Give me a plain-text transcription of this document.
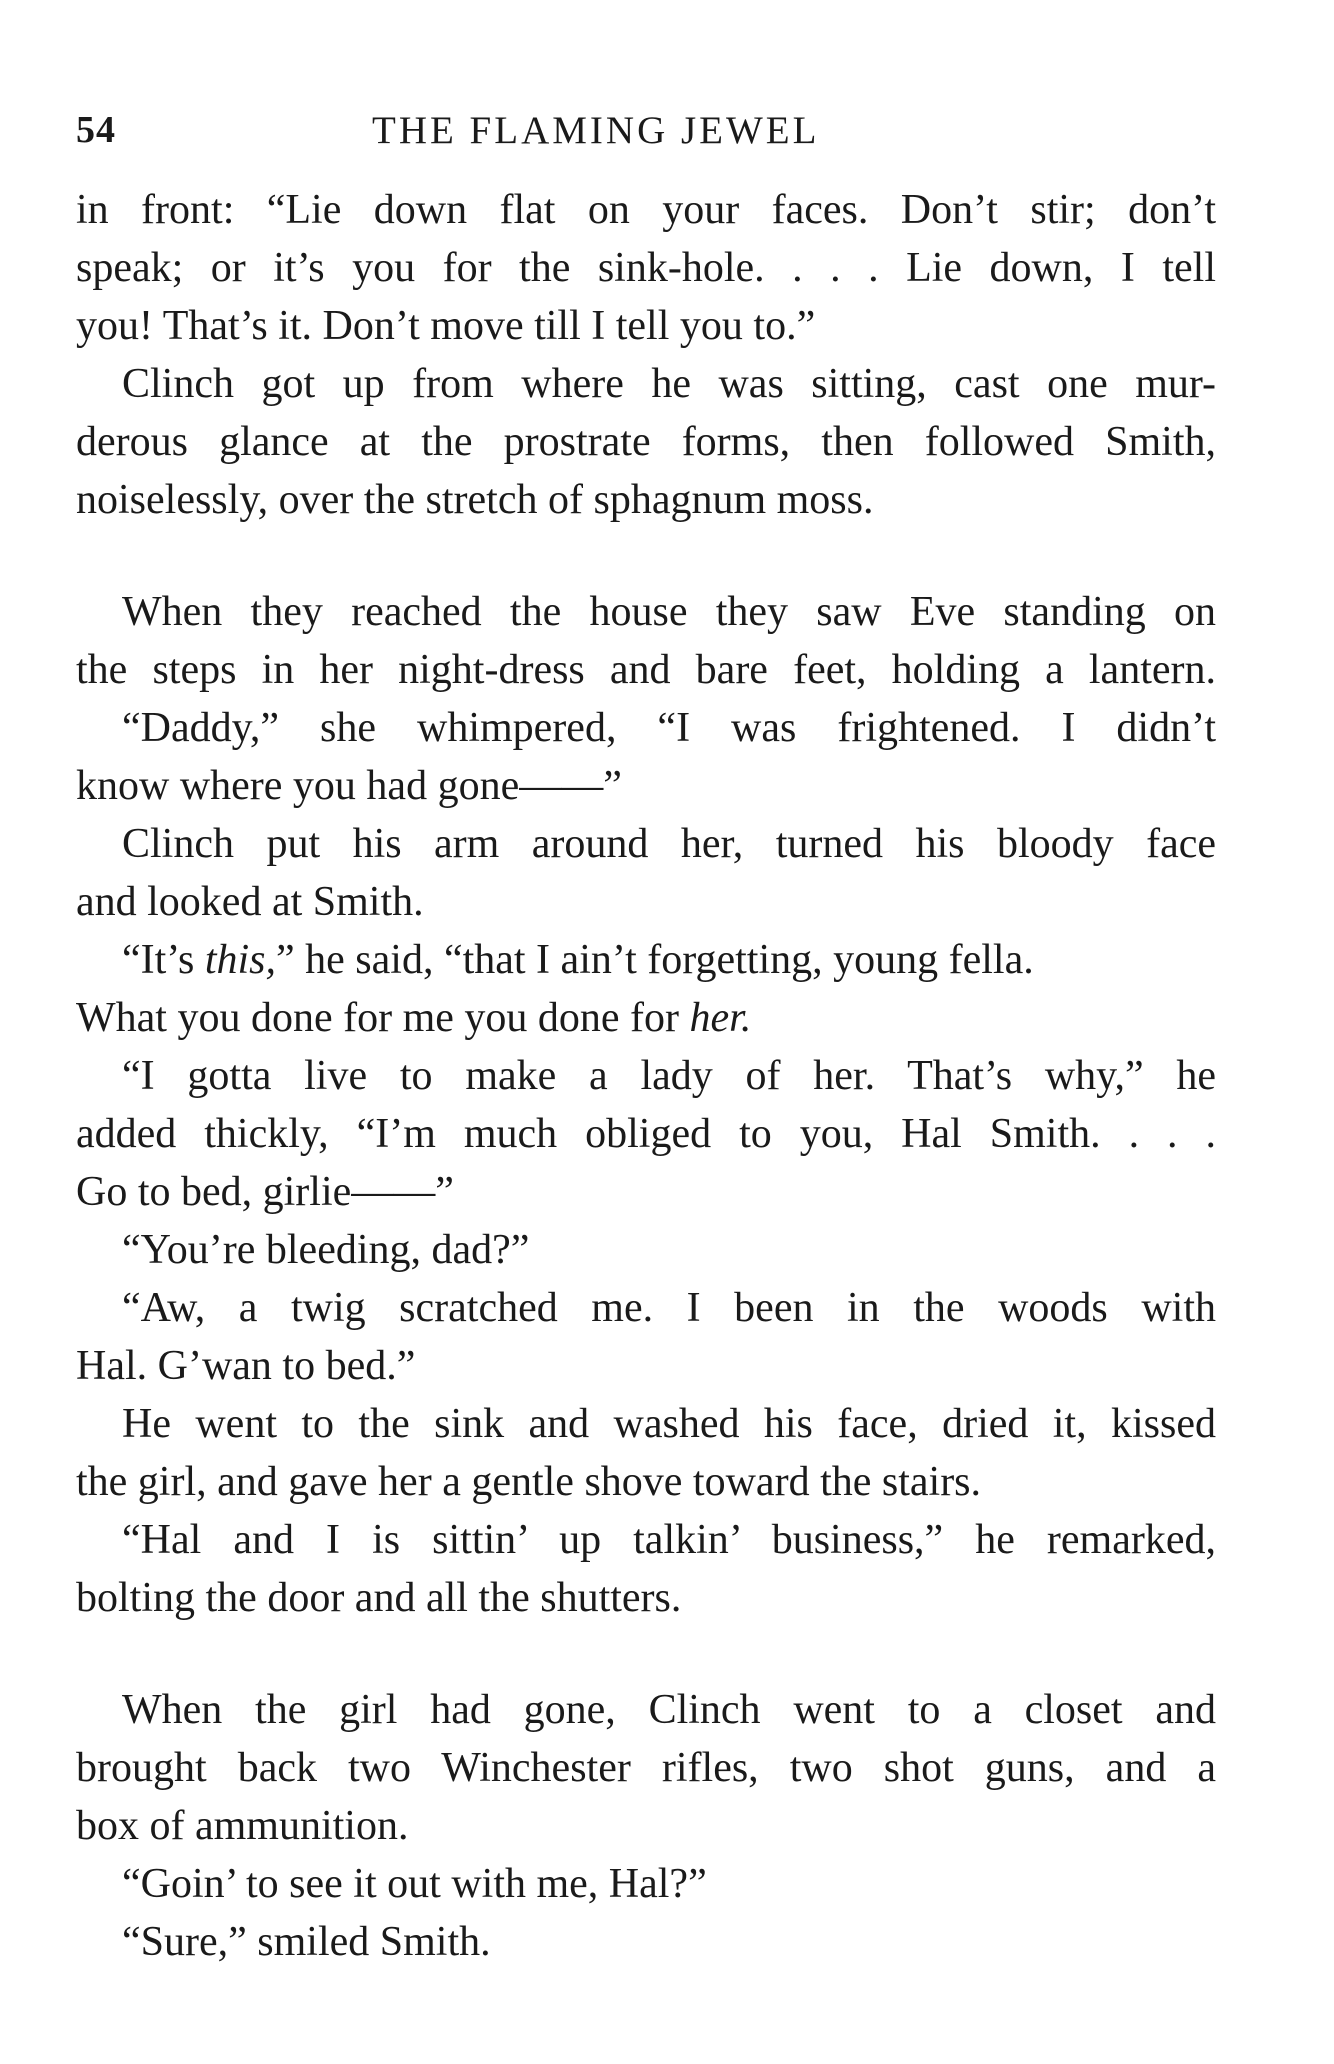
54	THE FLAMING JEWEL
in front: “Lie down flat on your faces. Don’t stir; don’t
speak; or it’s you for the sink-hole. . . . Lie down, I tell
you! That’s it. Don’t move till I tell you to.”
Clinch got up from where he was sitting, cast one mur-
derous glance at the prostrate forms, then followed Smith,
noiselessly, over the stretch of sphagnum moss.
When they reached the house they saw Eve standing on
the steps in her night-dress and bare feet, holding a lantern.
“Daddy,” she whimpered, “I was frightened. I didn’t
know where you had gone——”
Clinch put his arm around her, turned his bloody face
and looked at Smith.
“It’s this,” he said, “that I ain’t forgetting, young fella.
What you done for me you done for her.
“I gotta live to make a lady of her. That’s why,” he
added thickly, “I’m much obliged to you, Hal Smith. . . .
Go to bed, girlie——”
“You’re bleeding, dad?”
“Aw, a twig scratched me. I been in the woods with
Hal. G’wan to bed.”
He went to the sink and washed his face, dried it, kissed
the girl, and gave her a gentle shove toward the stairs.
“Hal and I is sittin’ up talkin’ business,” he remarked,
bolting the door and all the shutters.
When the girl had gone, Clinch went to a closet and
brought back two Winchester rifles, two shot guns, and a
box of ammunition.
“Goin’ to see it out with me, Hal?”
“Sure,” smiled Smith.
